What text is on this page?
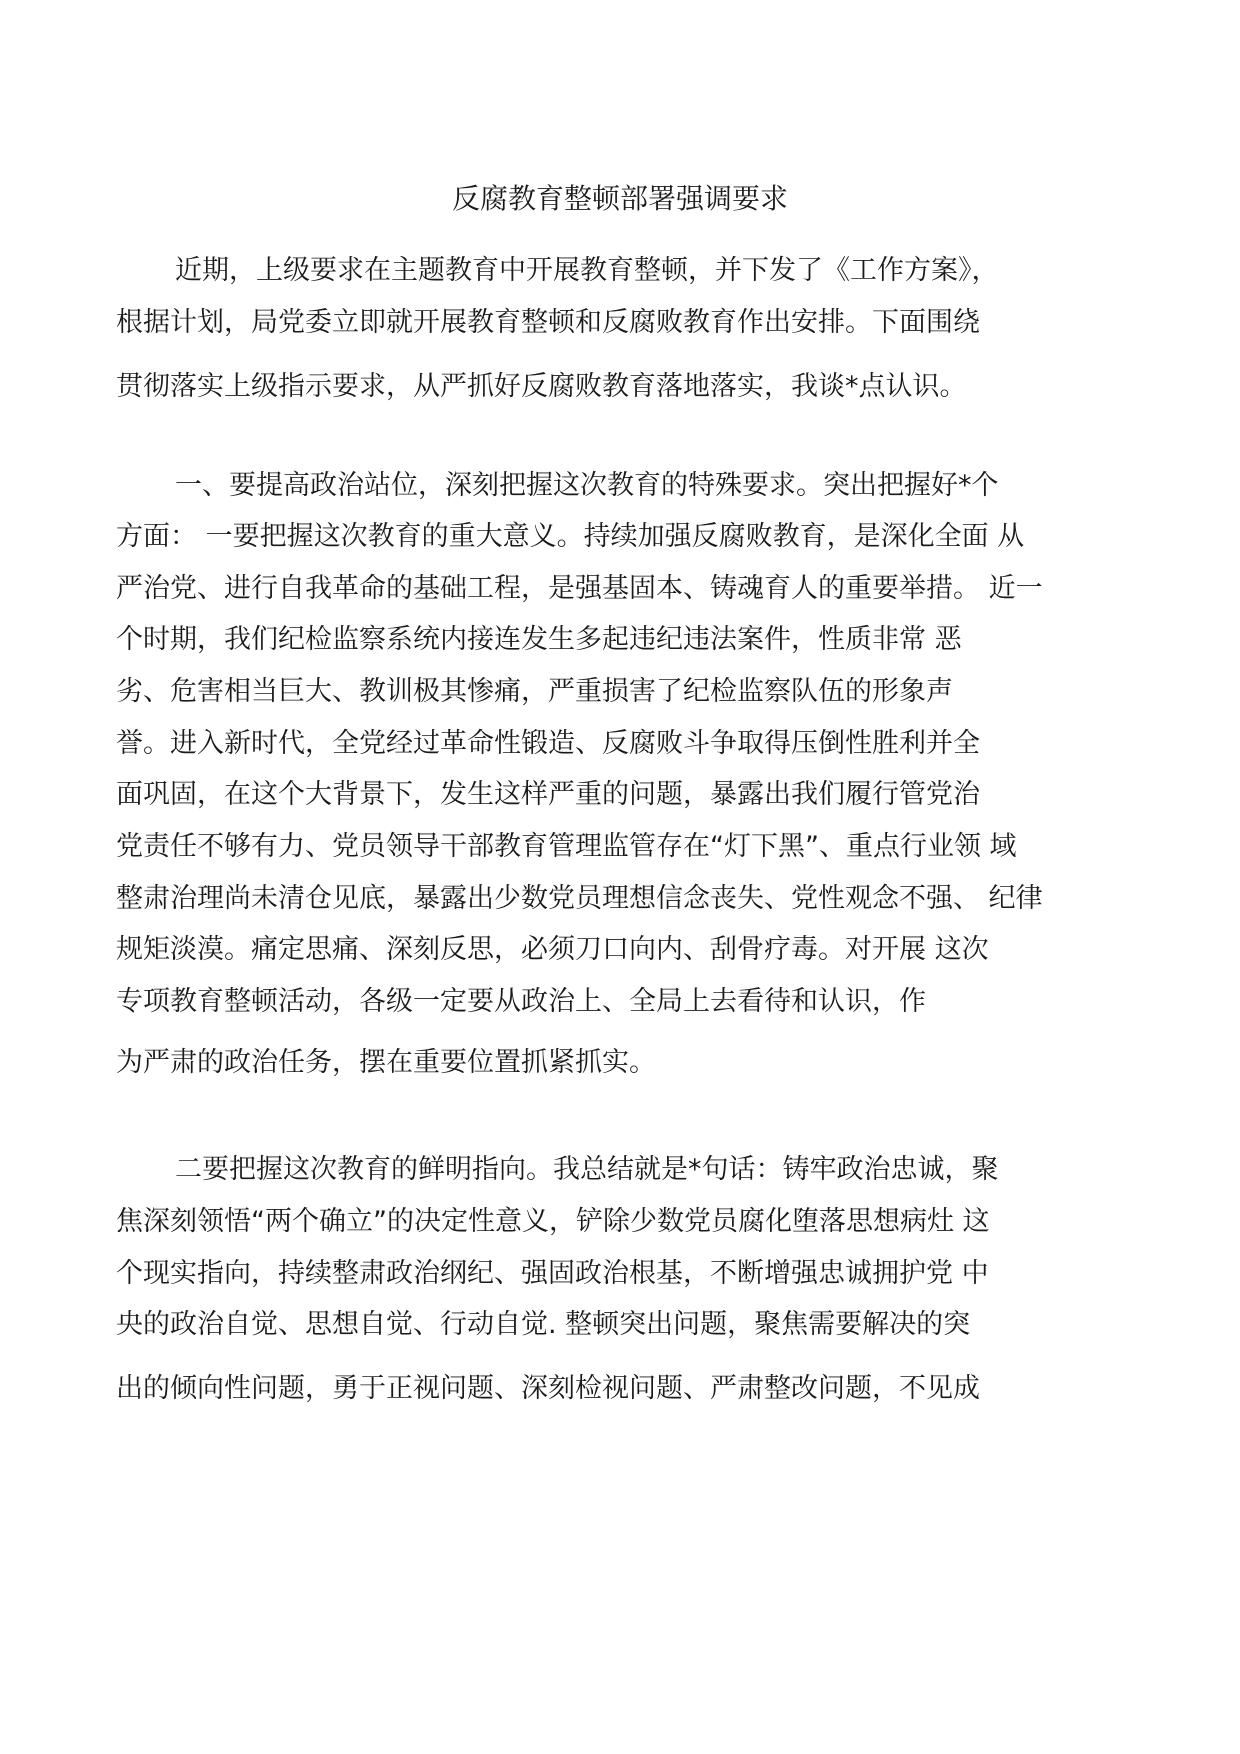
反腐教育整顿部署强调要求
近期，上级要求在主题教育中开展教育整顿，并下发了《工作方案》，
根据计划，局党委立即就开展教育整顿和反腐败教育作出安排。下面围绕
贯彻落实上级指示要求，从严抓好反腐败教育落地落实，我谈*点认识。
一、要提高政治站位，深刻把握这次教育的特殊要求。突出把握好*个
方面： 一要把握这次教育的重大意义。持续加强反腐败教育，是深化全面 从
严治党、进行自我革命的基础工程，是强基固本、铸魂育人的重要举措。 近一
个时期，我们纪检监察系统内接连发生多起违纪违法案件，性质非常 恶
劣、危害相当巨大、教训极其惨痛，严重损害了纪检监察队伍的形象声
誉。进入新时代，全党经过革命性锻造、反腐败斗争取得压倒性胜利并全
面巩固，在这个大背景下，发生这样严重的问题，暴露出我们履行管党治
党责任不够有力、党员领导干部教育管理监管存在“灯下黑”、重点行业领 域
整肃治理尚未清仓见底，暴露出少数党员理想信念丧失、党性观念不强、 纪律
规矩淡漠。痛定思痛、深刻反思，必须刀口向内、刮骨疗毒。对开展 这次
专项教育整顿活动，各级一定要从政治上、全局上去看待和认识，作
为严肃的政治任务，摆在重要位置抓紧抓实。
二要把握这次教育的鲜明指向。我总结就是*句话：铸牢政治忠诚，聚
焦深刻领悟“两个确立”的决定性意义，铲除少数党员腐化堕落思想病灶 这
个现实指向，持续整肃政治纲纪、强固政治根基，不断增强忠诚拥护党 中
央的政治自觉、思想自觉、行动自觉. 整顿突出问题，聚焦需要解决的突
出的倾向性问题，勇于正视问题、深刻检视问题、严肃整改问题，不见成
